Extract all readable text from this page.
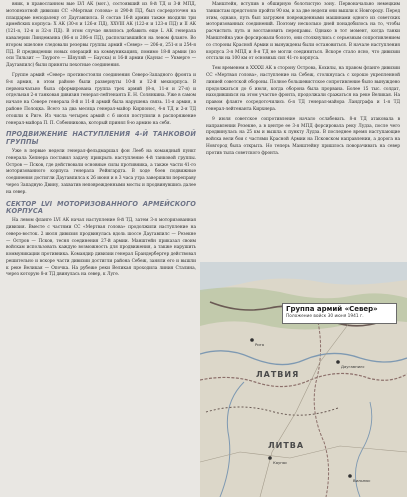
вник, в правосланном вые LVI АК (мот.), состоявший из 8-й ТД и 3-й МПД, мотопехотной дивизии СС «Мертвая голова» и 290-й ПД, был сосредоточен на плацдарме неподалеку от Даугавпилса. В состав 16-й армии также входили три армейских корпуса: X АК (30-я и 126-я ПД), XXVIII АК (122-я и 123-я ПД) и II АК (121-я, 12-я и 32-я ПД). В этом случае являлось добавить еще L АК генерала кавалерии Линдеманна (86-я и 206-я ПД), располагавшийся на левом фланге. Во втором эшелоне следовали резервы группы армий «Север» — 206-я, 251-я и 254-я ПД. В предвидении новых операций на коммуникациях, помимо 18-й армии (по оси Тильзит — Тауроге — Шяуляй — Бауска) и 16-й армии (Каунас — Укмерге — Даугавпилс) были приняты пехотные соединения.

Группе армий «Север» противостояли соединения Северо-Западного фронта и 8-я армия, в этом районе были развернуты 10-й и 12-й мехкорпуса. В первоначально была сформирована группа трех армий (8-я, 11-я и 27-я) и отдельная 2-я танковая дивизия генерал-лейтенанта Е. Н. Солянкина. Уже в самом начале на Севере генерала 8-й и 11-й армий была нарушена связь. 11-я армия, в районе Полоцка. Всего за два месяца генерал-майор Кирпонос, 4-я ТД и 2-я ТД отошли к Риге. Из числа четырех армий с 6 июля поступили в распоряжение генерал-майора П. П. Собенникова, который принял 8-ю армию на себя.

ПРОДВИЖЕНИЕ НАСТУПЛЕНИЯ 4-Й ТАНКОВОЙ ГРУППЫ

Уже в первые недели генерал-фельдмаршал фон Лееб на командный пункт генерала Хепнера поставил задачу прикрыть наступление 4-й танковой группы. Остров — Псков, где действовали основные силы противника, а также части 41-го моторизованного корпуса генерала Рейнгардта. В ходе боев подвижные соединения достигли Даугавпилса к 26 июня и в 3 часа утра завершили переправу через Западную Двину, захватив неповрежденными мосты и продвинувшись далее на север.

СЕКТОР LVI МОТОРИЗОВАННОГО АРМЕЙСКОГО КОРПУСА

На левом фланге LVI АК начал наступление 8-й ТД, затем 3-я моторизованная дивизия. Вместе с частями СС «Мертвая голова» продолжили наступление на северо-восток. 2 июля дивизия продвинулась вдоль шоссе Даугавпилс — Резекне — Остров — Псков, тесня соединения 27-й армии. Манштейн приказал своим войскам использовать каждую возможность для продвижения, а также нарушить коммуникации противника. Командир дивизии генерал Брандербергер действовал решительно и вскоре части дивизии достигли района Себеж, заняли его и вышли к реке Великая — Опочка. На рубеже реки Великая проходила линия Сталина, через которую 8-я ТД двинулась на север, к Луге.

Манштейн, вступив в обширную болотистую зону. Первоначально немецким танкистам предстояло пройти 90 км, и за две недели они вышли к Новгороду. Перед этим, однако, путь был загружен поврежденными машинами одного из советских моторизованных соединений. Поэтому несколько дней понадобилось на то, чтобы расчистить путь и восстановить переправы. Однако в тот момент, когда танки Манштейна уже форсировали болото, они столкнулись с серьезным сопротивлением со стороны Красной Армии и вынуждены были остановиться. В начале наступления корпуса 3-я МПД и 8-я ТД не могли соединиться. Вскоре стало ясно, что дивизии отстали на 100 км от основных сил 41-го корпуса.

Тем временем в XXXXI АК в сторону Острова, Кохилы, на правом фланге дивизии СС «Мертвая голова», наступление на Себеж, столкнулась с хорошо укрепленной линией советской обороны. Полное большевистское сопротивление было вынуждено продолжаться до 6 июля, когда оборона была прорвана. Более 15 тыс. солдат, находившихся на этом участке фронта, продолжали сражаться на реке Великая. На правом фланге сосредоточились 6-я ТД генерал-майора Ландграфа и 1-я ТД генерал-лейтенанта Кирхнера.

9 июля советское сопротивление начало ослабевать. 8-я ТД атаковала в направлении Резекне, а в центре ее 3-я МПД форсировала реку Лудза, после чего продвинулась на 25 км и вышла к пункту Лудза. В последнее время наступающие войска вели бои с частями Красной Армии на Псковском направлении, а дорога на Новгород была открыта. Но теперь Манштейну пришлось поворачивать на север против тыла советского фронта.

Группа армий «Север»
Положение войск 30 июня 1941 г.
ЛАТВИЯ
ЛИТВА
Рига
Даугавпилс
Каунас
Вильнюс
